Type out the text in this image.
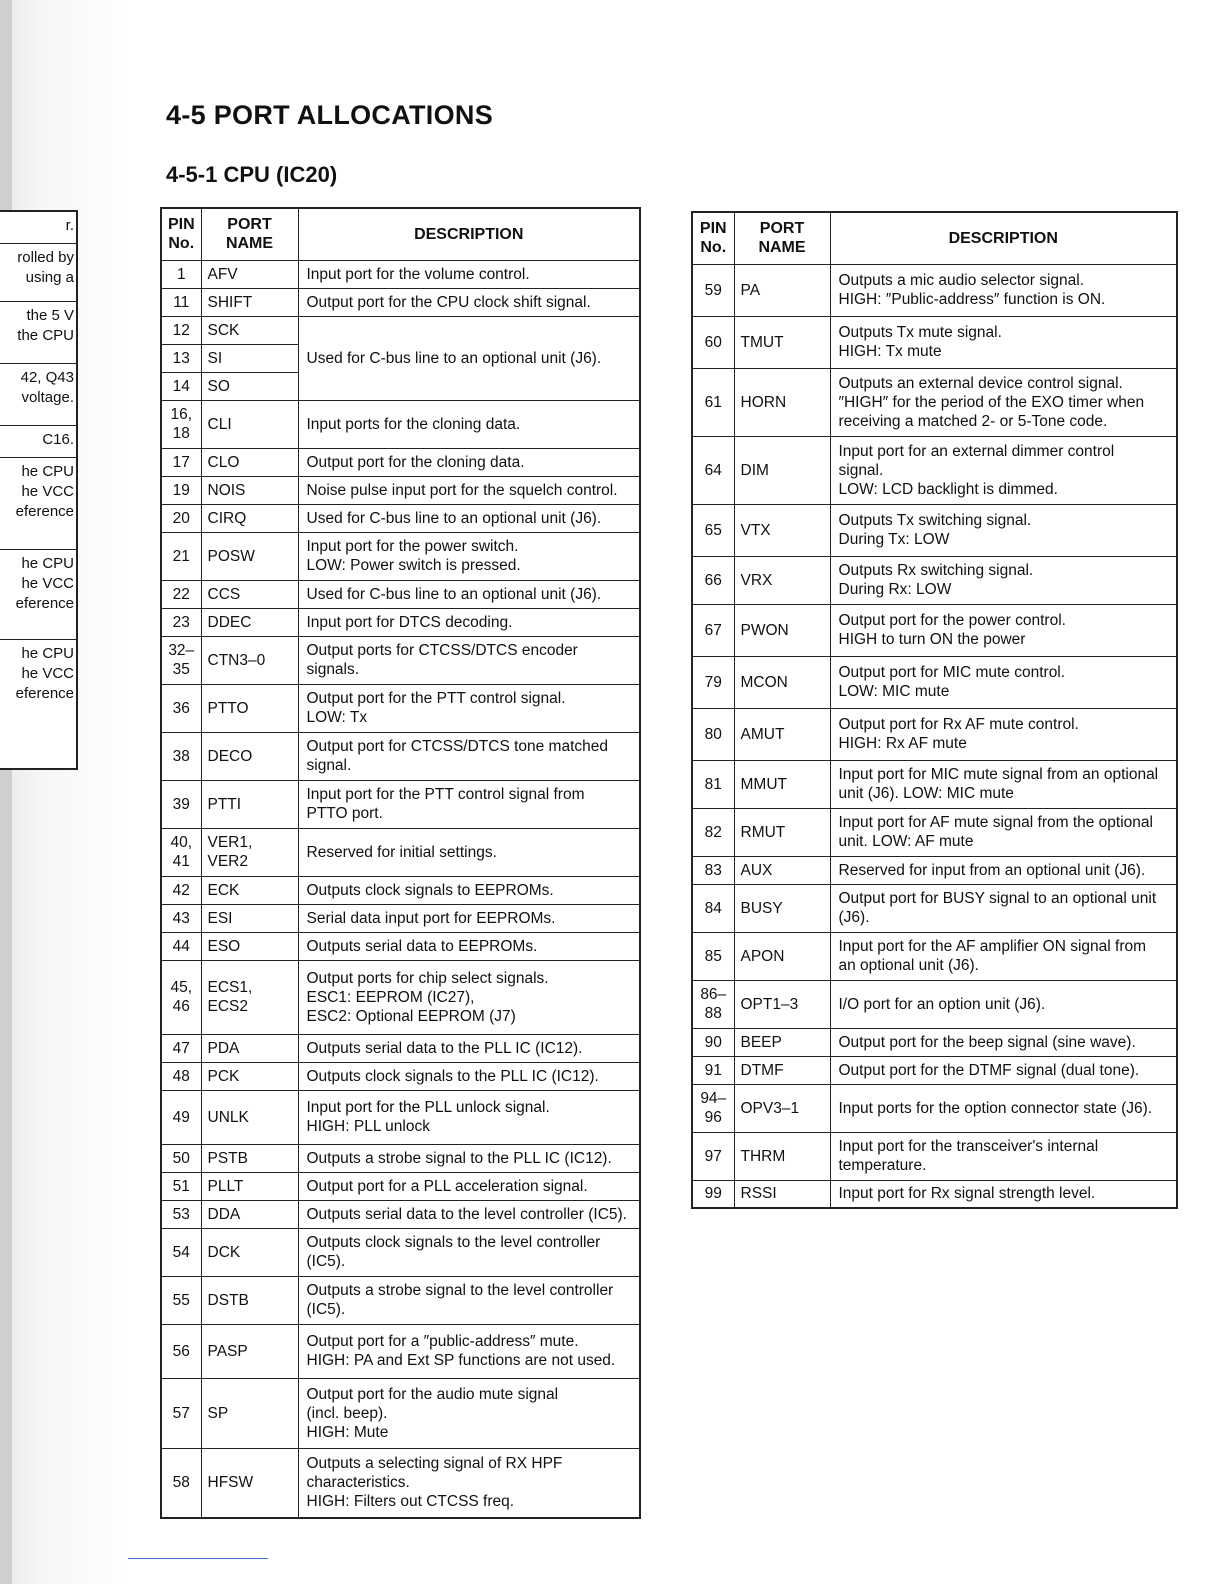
r.
rolled by
using a
the 5 V
the CPU
42, Q43
voltage.
C16.
he CPU
he VCC
eference
he CPU
he VCC
eference
he CPU
he VCC
eference
4-5 PORT ALLOCATIONS
4-5-1 CPU (IC20)
PIN
No.	PORT
NAME	DESCRIPTION
1	AFV	Input port for the volume control.
11	SHIFT	Output port for the CPU clock shift signal.
12	SCK	Used for C-bus line to an optional unit (J6).
13	SI	
14	SO	
16,
18	CLI	Input ports for the cloning data.
17	CLO	Output port for the cloning data.
19	NOIS	Noise pulse input port for the squelch control.
20	CIRQ	Used for C-bus line to an optional unit (J6).
21	POSW	Input port for the power switch.
LOW: Power switch is pressed.
22	CCS	Used for C-bus line to an optional unit (J6).
23	DDEC	Input port for DTCS decoding.
32–
35	CTN3–0	Output ports for CTCSS/DTCS encoder
signals.
36	PTTO	Output port for the PTT control signal.
LOW: Tx
38	DECO	Output port for CTCSS/DTCS tone matched
signal.
39	PTTI	Input port for the PTT control signal from
PTTO port.
40,
41	VER1,
VER2	Reserved for initial settings.
42	ECK	Outputs clock signals to EEPROMs.
43	ESI	Serial data input port for EEPROMs.
44	ESO	Outputs serial data to EEPROMs.
45,
46	ECS1,
ECS2	Output ports for chip select signals.
ESC1: EEPROM (IC27),
ESC2: Optional EEPROM (J7)
47	PDA	Outputs serial data to the PLL IC (IC12).
48	PCK	Outputs clock signals to the PLL IC (IC12).
49	UNLK	Input port for the PLL unlock signal.
HIGH: PLL unlock
50	PSTB	Outputs a strobe signal to the PLL IC (IC12).
51	PLLT	Output port for a PLL acceleration signal.
53	DDA	Outputs serial data to the level controller (IC5).
54	DCK	Outputs clock signals to the level controller
(IC5).
55	DSTB	Outputs a strobe signal to the level controller
(IC5).
56	PASP	Output port for a ″public-address″ mute.
HIGH: PA and Ext SP functions are not used.
57	SP	Output port for the audio mute signal
(incl. beep).
HIGH: Mute
58	HFSW	Outputs a selecting signal of RX HPF
characteristics.
HIGH: Filters out CTCSS freq.
PIN
No.	PORT
NAME	DESCRIPTION
59	PA	Outputs a mic audio selector signal.
HIGH: ″Public-address″ function is ON.
60	TMUT	Outputs Tx mute signal.
HIGH: Tx mute
61	HORN	Outputs an external device control signal.
″HIGH″ for the period of the EXO timer when
receiving a matched 2- or 5-Tone code.
64	DIM	Input port for an external dimmer control
signal.
LOW: LCD backlight is dimmed.
65	VTX	Outputs Tx switching signal.
During Tx: LOW
66	VRX	Outputs Rx switching signal.
During Rx: LOW
67	PWON	Output port for the power control.
HIGH to turn ON the power
79	MCON	Output port for MIC mute control.
LOW: MIC mute
80	AMUT	Output port for Rx AF mute control.
HIGH: Rx AF mute
81	MMUT	Input port for MIC mute signal from an optional
unit (J6). LOW: MIC mute
82	RMUT	Input port for AF mute signal from the optional
unit. LOW: AF mute
83	AUX	Reserved for input from an optional unit (J6).
84	BUSY	Output port for BUSY signal to an optional unit
(J6).
85	APON	Input port for the AF amplifier ON signal from
an optional unit (J6).
86–
88	OPT1–3	I/O port for an option unit (J6).
90	BEEP	Output port for the beep signal (sine wave).
91	DTMF	Output port for the DTMF signal (dual tone).
94–
96	OPV3–1	Input ports for the option connector state (J6).
97	THRM	Input port for the transceiver's internal
temperature.
99	RSSI	Input port for Rx signal strength level.
